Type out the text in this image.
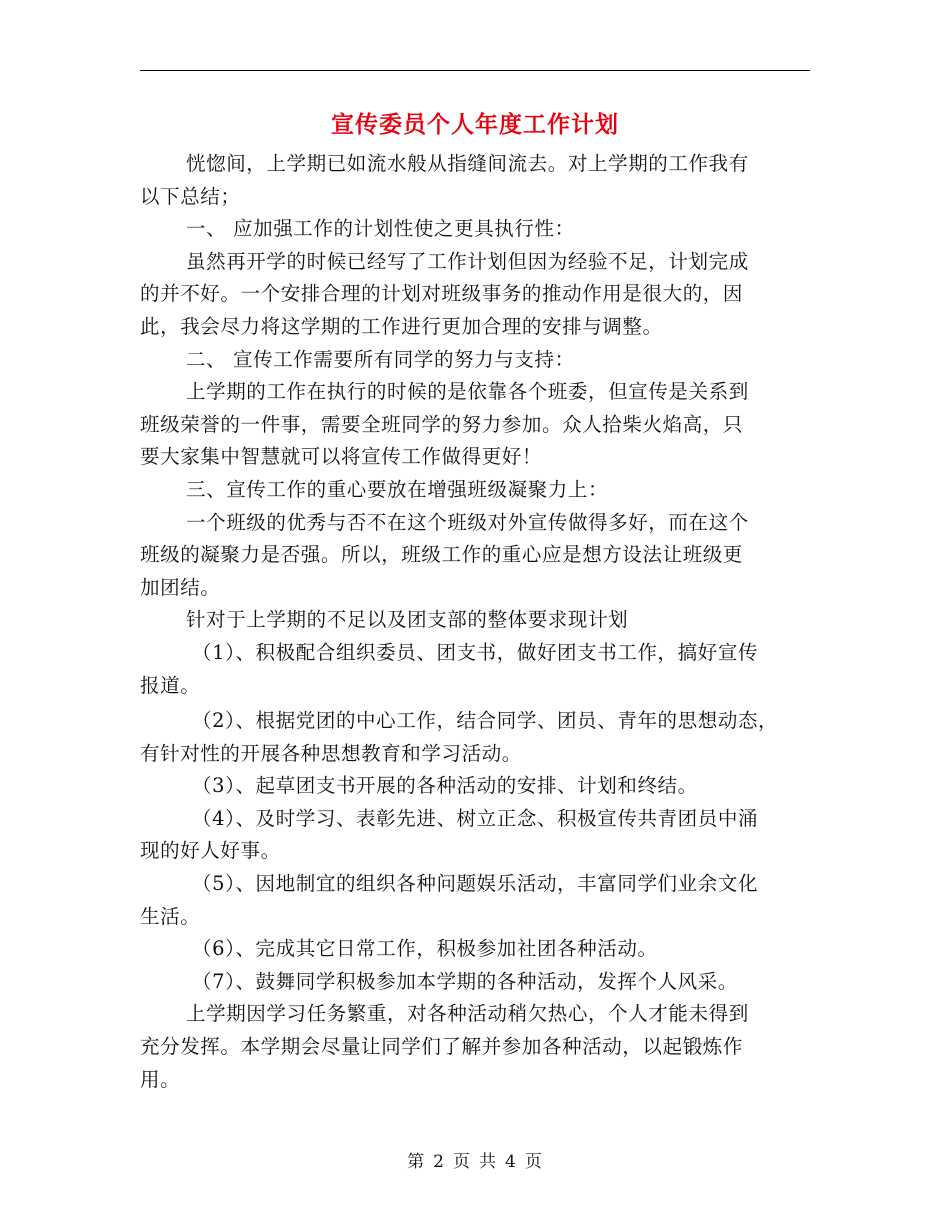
宣传委员个人年度工作计划
恍惚间，上学期已如流水般从指缝间流去。对上学期的工作我有
以下总结；
一、 应加强工作的计划性使之更具执行性：
虽然再开学的时候已经写了工作计划但因为经验不足，计划完成
的并不好。一个安排合理的计划对班级事务的推动作用是很大的，因
此，我会尽力将这学期的工作进行更加合理的安排与调整。
二、 宣传工作需要所有同学的努力与支持：
上学期的工作在执行的时候的是依靠各个班委，但宣传是关系到
班级荣誉的一件事，需要全班同学的努力参加。众人拾柴火焰高，只
要大家集中智慧就可以将宣传工作做得更好！
三、宣传工作的重心要放在增强班级凝聚力上：
一个班级的优秀与否不在这个班级对外宣传做得多好，而在这个
班级的凝聚力是否强。所以，班级工作的重心应是想方设法让班级更
加团结。
针对于上学期的不足以及团支部的整体要求现计划
（1）、积极配合组织委员、团支书，做好团支书工作，搞好宣传
报道。
（2）、根据党团的中心工作，结合同学、团员、青年的思想动态，
有针对性的开展各种思想教育和学习活动。
（3）、起草团支书开展的各种活动的安排、计划和终结。
（4）、及时学习、表彰先进、树立正念、积极宣传共青团员中涌
现的好人好事。
（5）、因地制宜的组织各种问题娱乐活动，丰富同学们业余文化
生活。
（6）、完成其它日常工作，积极参加社团各种活动。
（7）、鼓舞同学积极参加本学期的各种活动，发挥个人风采。
上学期因学习任务繁重，对各种活动稍欠热心，个人才能未得到
充分发挥。本学期会尽量让同学们了解并参加各种活动，以起锻炼作
用。
第 2 页 共 4 页
